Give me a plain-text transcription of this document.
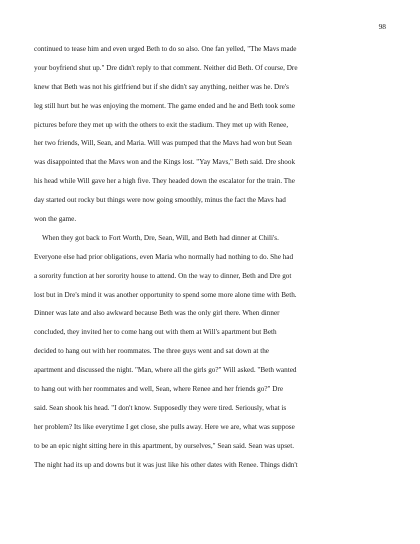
98
continued to tease him and even urged Beth to do so also. One fan yelled, "The Mavs made
your boyfriend shut up." Dre didn't reply to that comment. Neither did Beth. Of course, Dre
knew that Beth was not his girlfriend but if she didn't say anything, neither was he. Dre's
leg still hurt but he was enjoying the moment. The game ended and he and Beth took some
pictures before they met up with the others to exit the stadium. They met up with Renee,
her two friends, Will, Sean, and Maria. Will was pumped that the Mavs had won but Sean
was disappointed that the Mavs won and the Kings lost. "Yay Mavs," Beth said. Dre shook
his head while Will gave her a high five. They headed down the escalator for the train. The
day started out rocky but things were now going smoothly, minus the fact the Mavs had
won the game.
When they got back to Fort Worth, Dre, Sean, Will, and Beth had dinner at Chili's.
Everyone else had prior obligations, even Maria who normally had nothing to do. She had
a sorority function at her sorority house to attend. On the way to dinner, Beth and Dre got
lost but in Dre's mind it was another opportunity to spend some more alone time with Beth.
Dinner was late and also awkward because Beth was the only girl there. When dinner
concluded, they invited her to come hang out with them at Will's apartment but Beth
decided to hang out with her roommates. The three guys went and sat down at the
apartment and discussed the night. "Man, where all the girls go?" Will asked. "Beth wanted
to hang out with her roommates and well, Sean, where Renee and her friends go?" Dre
said. Sean shook his head. "I don't know. Supposedly they were tired. Seriously, what is
her problem? Its like everytime I get close, she pulls away. Here we are, what was suppose
to be an epic night sitting here in this apartment, by ourselves," Sean said. Sean was upset.
The night had its up and downs but it was just like his other dates with Renee. Things didn't
